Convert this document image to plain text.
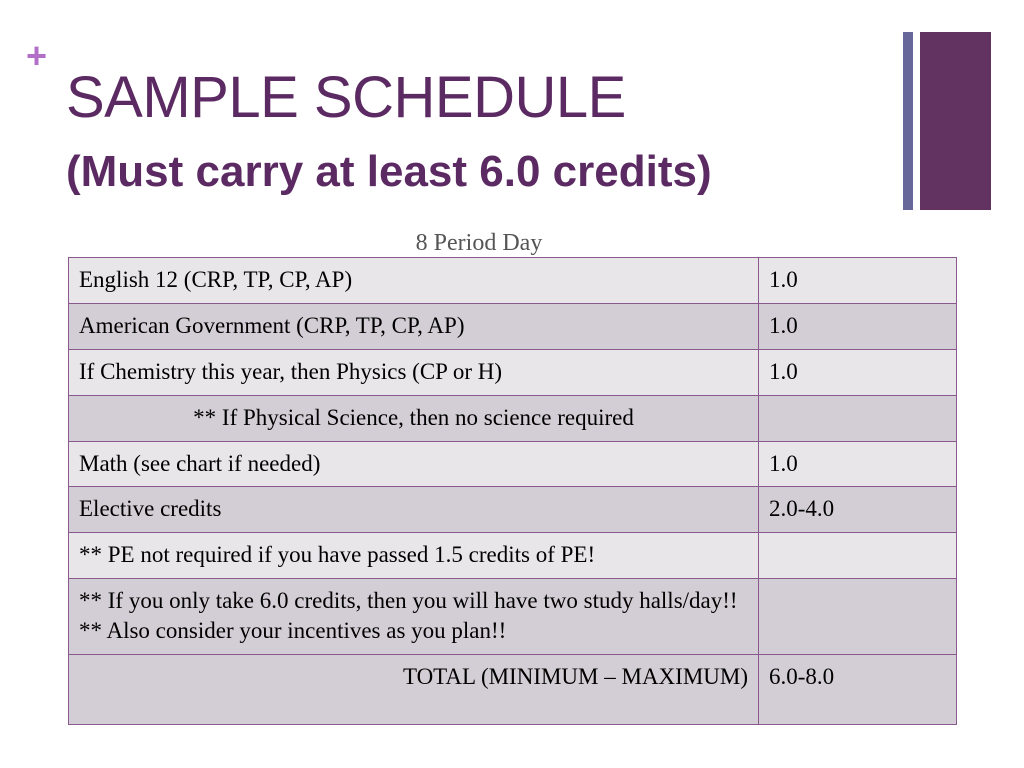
+
SAMPLE SCHEDULE
(Must carry at least 6.0 credits)
8 Period Day
English 12 (CRP, TP, CP, AP)	1.0
American Government (CRP, TP, CP, AP)	1.0
If Chemistry this year, then Physics (CP or H)	1.0
** If Physical Science, then no science required	
Math (see chart if needed)	1.0
Elective credits	2.0-4.0
** PE not required if you have passed 1.5 credits of PE!	

** If you only take 6.0 credits, then you will have two study halls/day!!
** Also consider your incentives as you plan!!	

TOTAL (MINIMUM – MAXIMUM)	6.0-8.0
